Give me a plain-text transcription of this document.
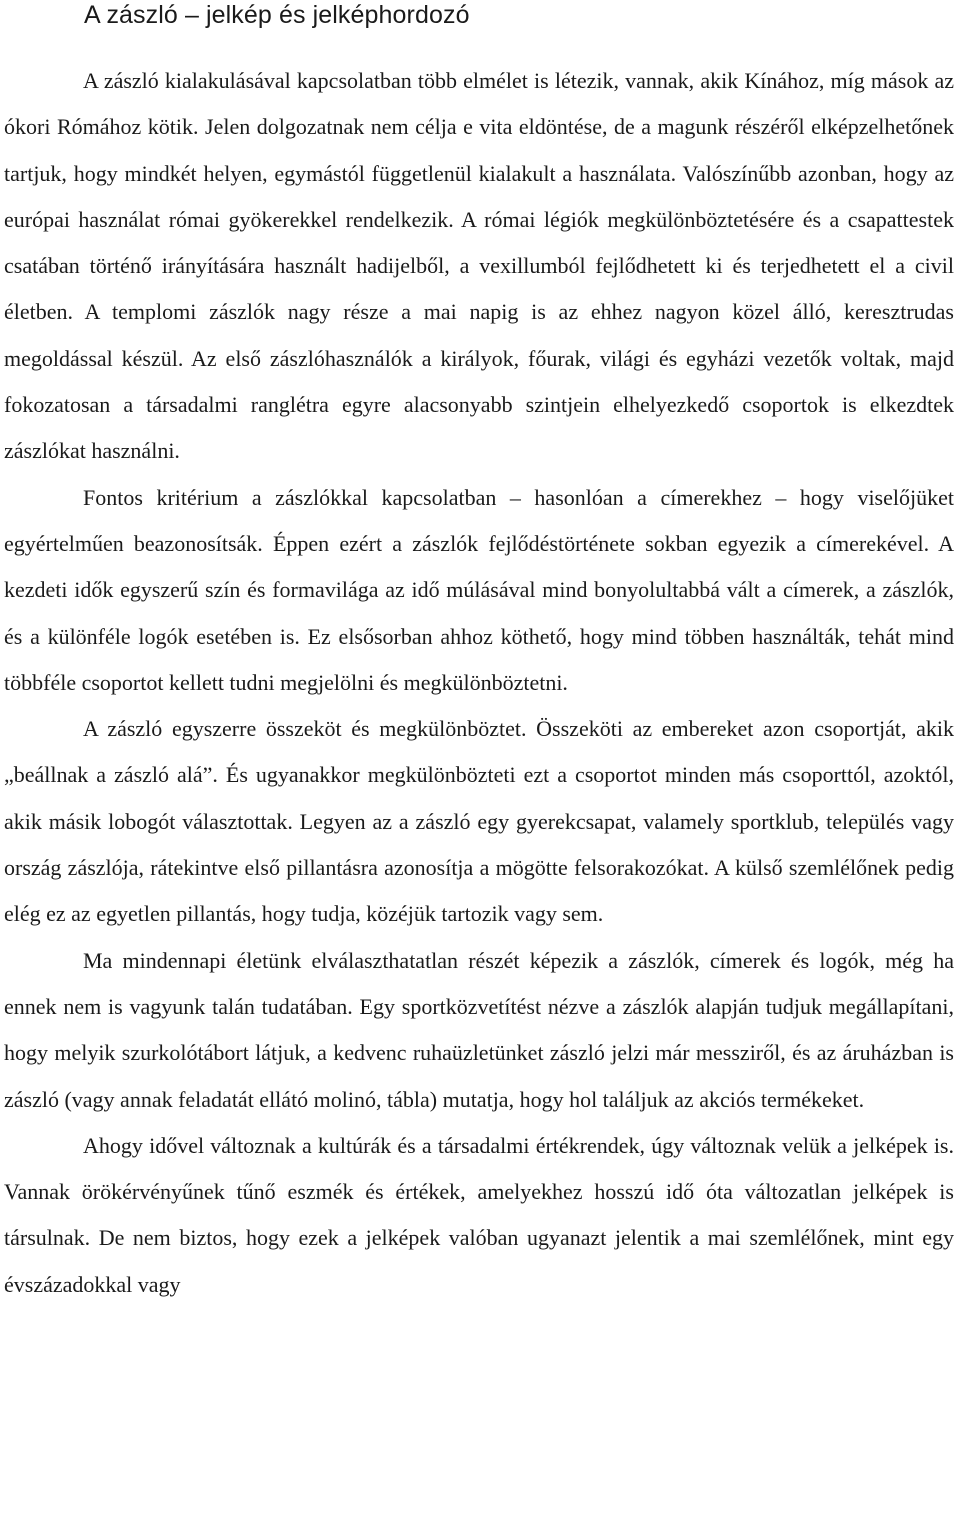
A zászló – jelkép és jelképhordozó

A zászló kialakulásával kapcsolatban több elmélet is létezik, vannak, akik Kínához, míg mások az ókori Rómához kötik. Jelen dolgozatnak nem célja e vita eldöntése, de a magunk részéről elképzelhetőnek tartjuk, hogy mindkét helyen, egymástól függetlenül kialakult a használata. Valószínűbb azonban, hogy az európai használat római gyökerekkel rendelkezik. A római légiók megkülönböztetésére és a csapattestek csatában történő irányítására használt hadijelből, a vexillumból fejlődhetett ki és terjedhetett el a civil életben. A templomi zászlók nagy része a mai napig is az ehhez nagyon közel álló, keresztrudas megoldással készül. Az első zászlóhasználók a királyok, főurak, világi és egyházi vezetők voltak, majd fokozatosan a társadalmi ranglétra egyre alacsonyabb szintjein elhelyezkedő csoportok is elkezdtek zászlókat használni.

Fontos kritérium a zászlókkal kapcsolatban – hasonlóan a címerekhez – hogy viselőjüket egyértelműen beazonosítsák. Éppen ezért a zászlók fejlődéstörténete sokban egyezik a címerekével. A kezdeti idők egyszerű szín és formavilága az idő múlásával mind bonyolultabbá vált a címerek, a zászlók, és a különféle logók esetében is. Ez elsősorban ahhoz köthető, hogy mind többen használták, tehát mind többféle csoportot kellett tudni megjelölni és megkülönböztetni.

A zászló egyszerre összeköt és megkülönböztet. Összeköti az embereket azon csoportját, akik „beállnak a zászló alá”. És ugyanakkor megkülönbözteti ezt a csoportot minden más csoporttól, azoktól, akik másik lobogót választottak. Legyen az a zászló egy gyerekcsapat, valamely sportklub, település vagy ország zászlója, rátekintve első pillantásra azonosítja a mögötte felsorakozókat. A külső szemlélőnek pedig elég ez az egyetlen pillantás, hogy tudja, közéjük tartozik vagy sem.

Ma mindennapi életünk elválaszthatatlan részét képezik a zászlók, címerek és logók, még ha ennek nem is vagyunk talán tudatában. Egy sportközvetítést nézve a zászlók alapján tudjuk megállapítani, hogy melyik szurkolótábort látjuk, a kedvenc ruhaüzletünket zászló jelzi már messziről, és az áruházban is zászló (vagy annak feladatát ellátó molinó, tábla) mutatja, hogy hol találjuk az akciós termékeket.

Ahogy idővel változnak a kultúrák és a társadalmi értékrendek, úgy változnak velük a jelképek is. Vannak örökérvényűnek tűnő eszmék és értékek, amelyekhez hosszú idő óta változatlan jelképek is társulnak. De nem biztos, hogy ezek a jelképek valóban ugyanazt jelentik a mai szemlélőnek, mint egy évszázadokkal vagy
